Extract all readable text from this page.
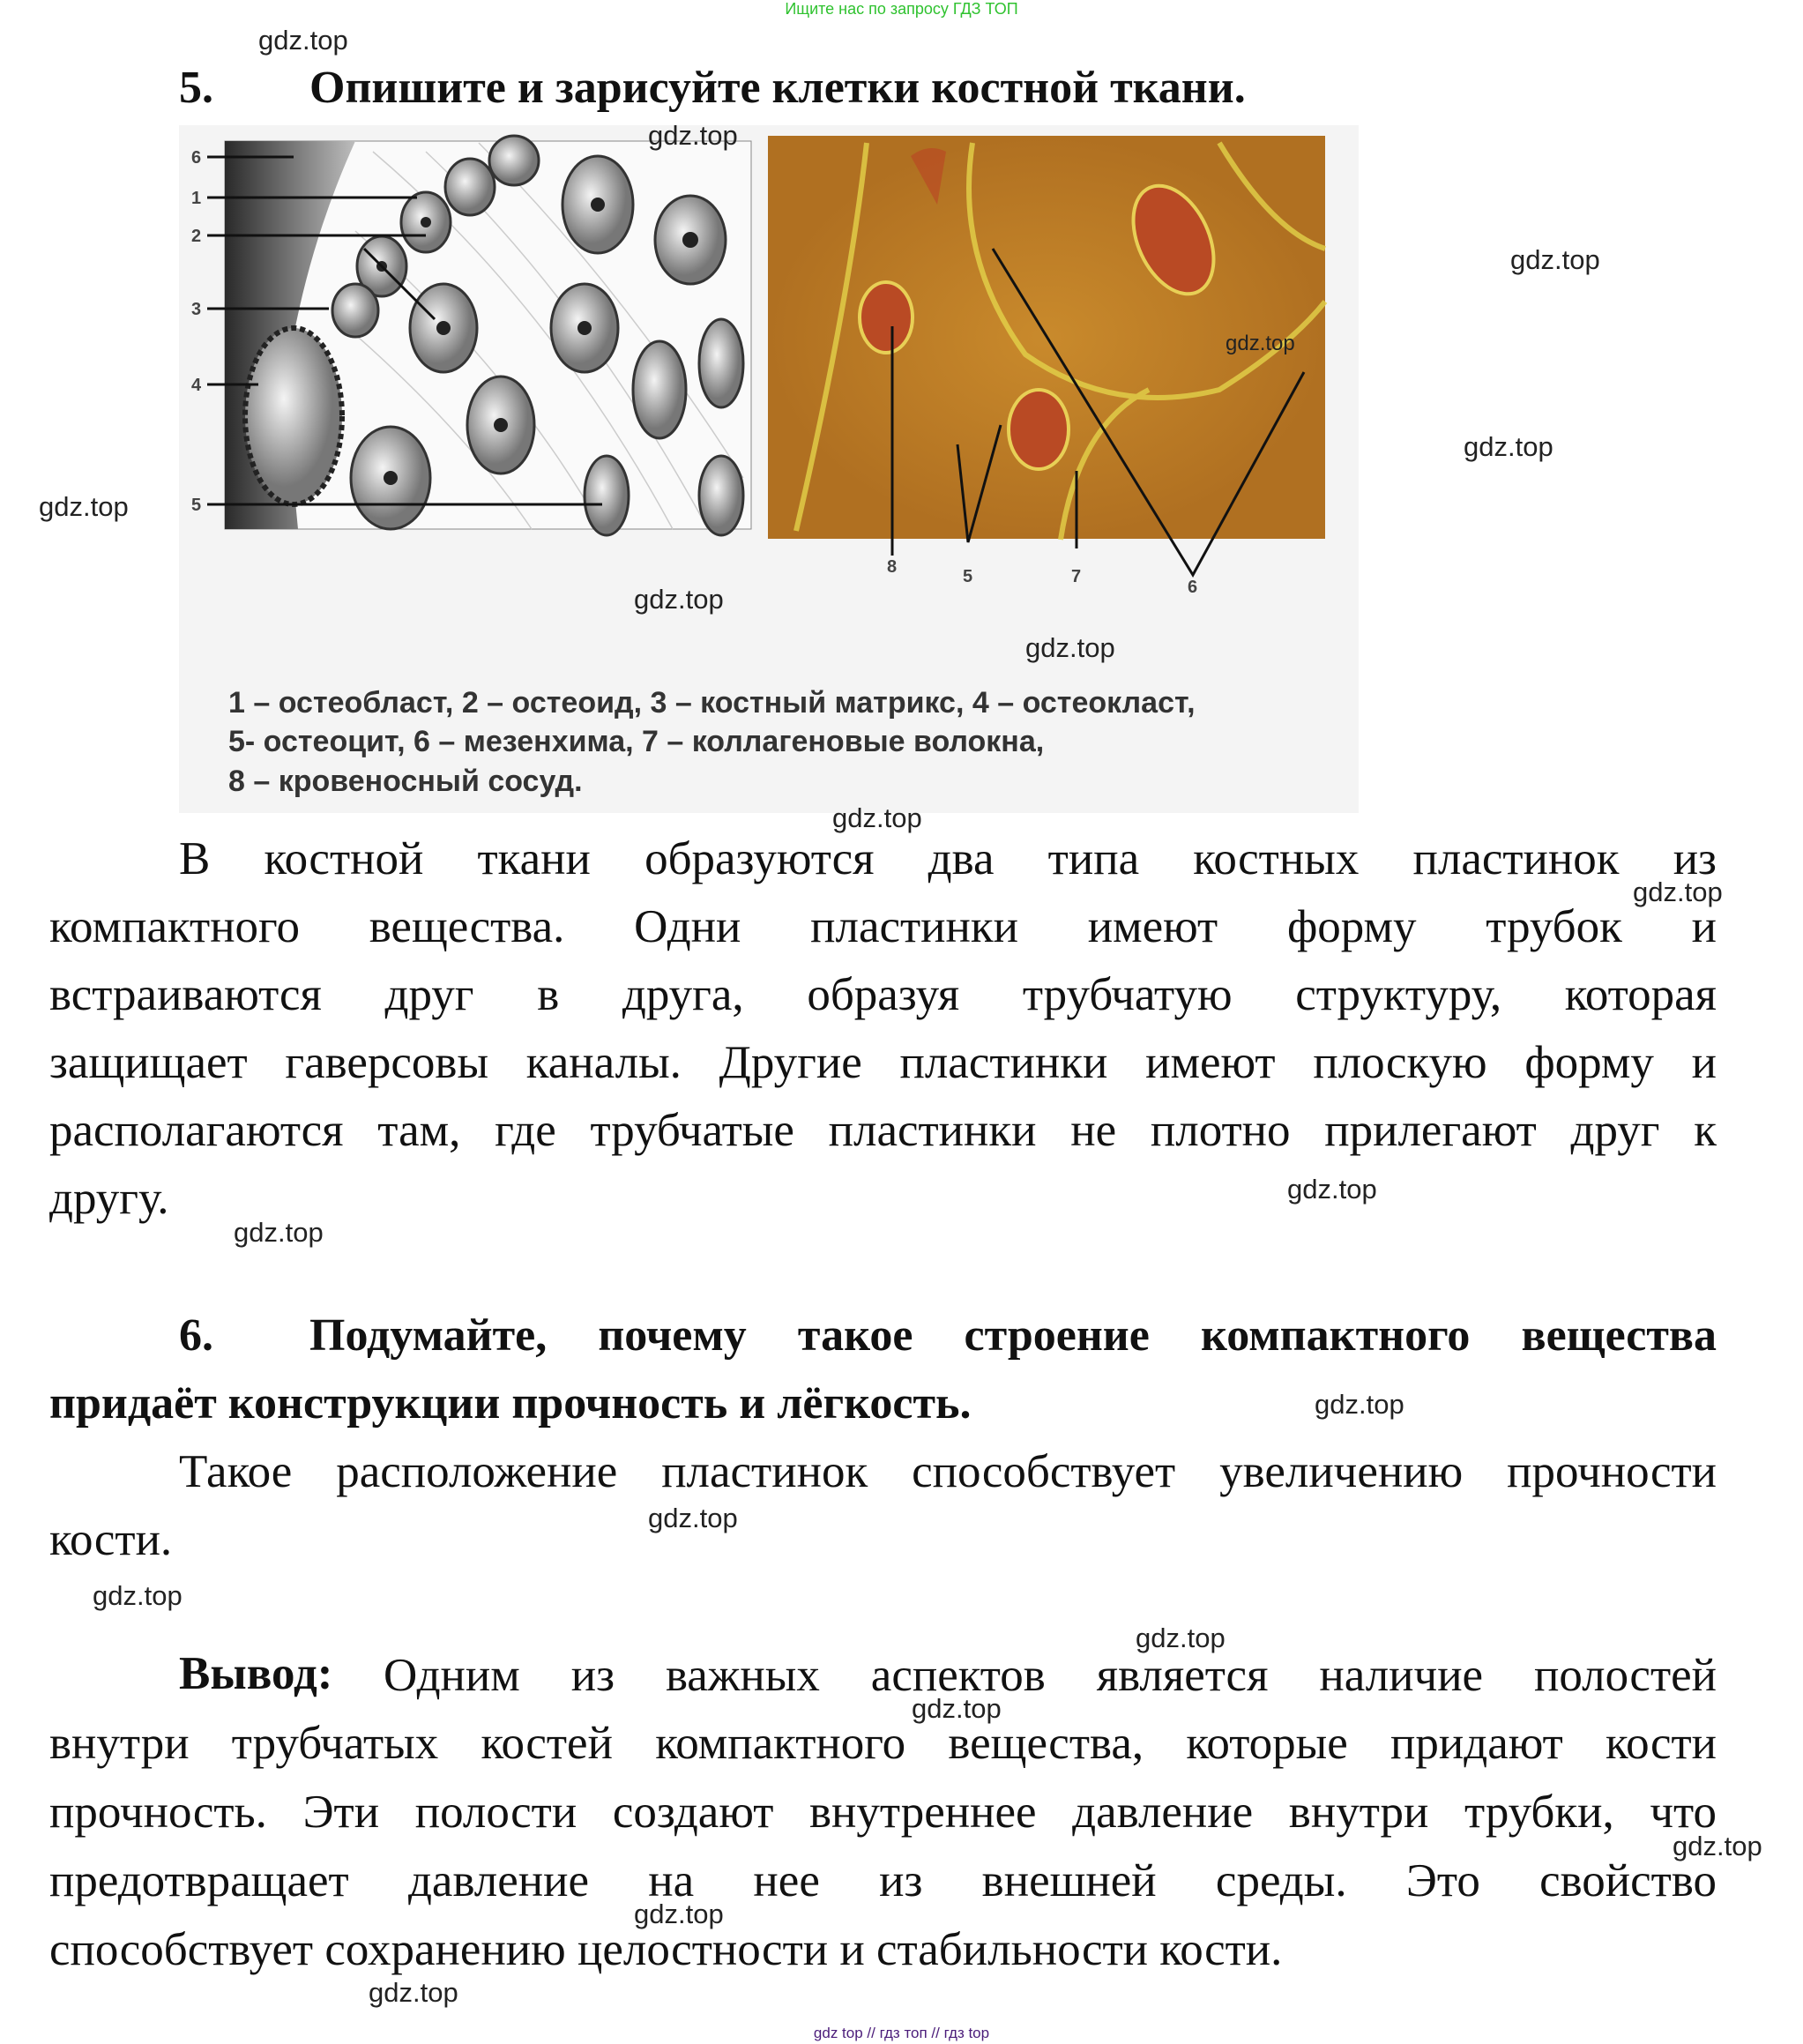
Ищите нас по запросу ГДЗ ТОП
5. Опишите и зарисуйте клетки костной ткани.
6
1
2
3
4
5
8	5	7
6
1 – остеобласт, 2 – остеоид, 3 – костный матрикс, 4 – остеокласт,
5- остеоцит, 6 – мезенхима, 7 – коллагеновые волокна,
8 – кровеносный сосуд.
В костной ткани образуются два типа костных пластинок из
компактного вещества. Одни пластинки имеют форму трубок и
встраиваются друг в друга, образуя трубчатую структуру, которая
защищает гаверсовы каналы. Другие пластинки имеют плоскую форму и
располагаются там, где трубчатые пластинки не плотно прилегают друг к
другу.
6. Подумайте, почему такое строение компактного вещества
придаёт конструкции прочность и лёгкость.
Такое расположение пластинок способствует увеличению прочности
кости.
Вывод: Одним из важных аспектов является наличие полостей
внутри трубчатых костей компактного вещества, которые придают кости
прочность. Эти полости создают внутреннее давление внутри трубки, что
предотвращает давление на нее из внешней среды. Это свойство
способствует сохранению целостности и стабильности кости.
gdz.top
gdz.top
gdz.top
gdz.top
gdz.top
gdz.top
gdz.top
gdz.top
gdz.top
gdz.top
gdz.top
gdz.top
gdz.top
gdz.top
gdz.top
gdz.top
gdz.top
gdz.top
gdz.top
gdz.top
gdz top // гдз топ // гдз top
